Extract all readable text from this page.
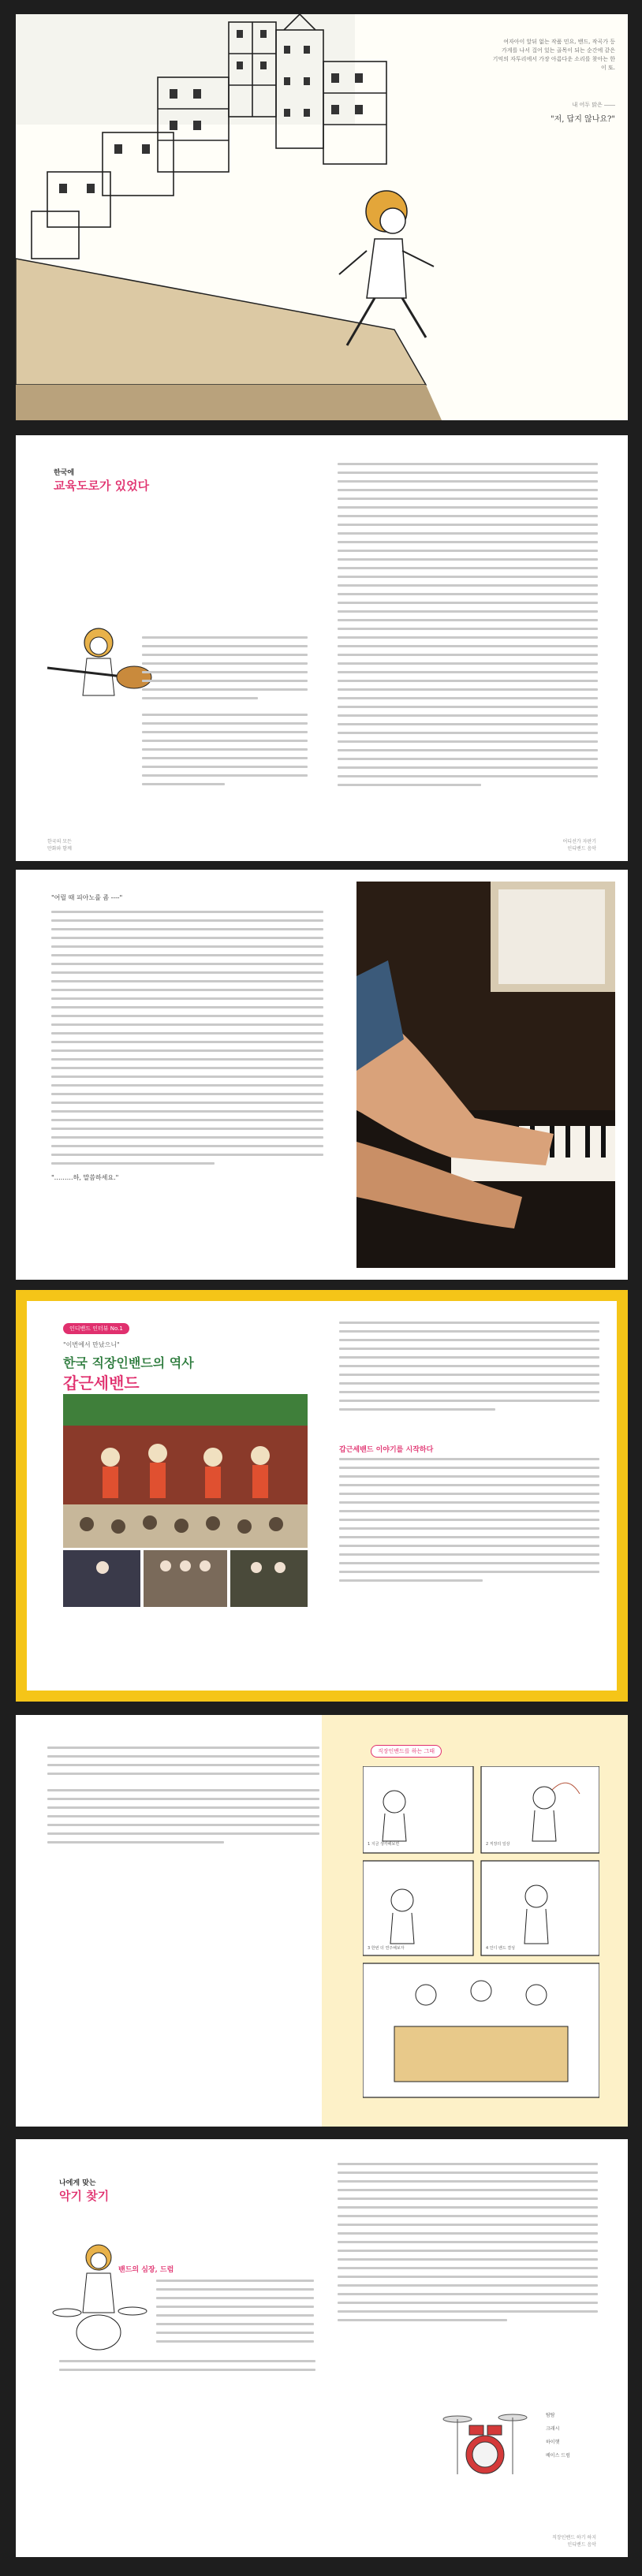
여자아이 앞뒤 없는 작품 민요, 밴드, 작곡가 등
가게를 나서 걸어 있는 골목이 되는 순간에 같은
기억의 자투리에서 가장 아름다운 소리를 찾아는 한이 또.
내 어두 맑은 ――
"저, 답지 않나요?"
한국에
교육도로가 있었다
한국의 모든
만화와 함께
어디선가 자판기
인디밴드 음악
"어릴 때 피아노를 좀 ----"
"………하, 말씀하세요."
인디밴드 인터뷰 No.1
"이번에서 만났으니"
한국 직장인밴드의 역사
갑근세밴드
갑근세밴드 이야기를 시작하다
직장인밴드를 하는 그때
1 지금 생각해보면	2 직장의 일상
3 한번 더 연주해보자	4 인디 밴드 결성
나에게 맞는
악기 찾기
밴드의 심장, 드럼
탐탐
크래시
하이햇
베이스 드럼
직장인밴드 하기 하지
인디밴드 음악
